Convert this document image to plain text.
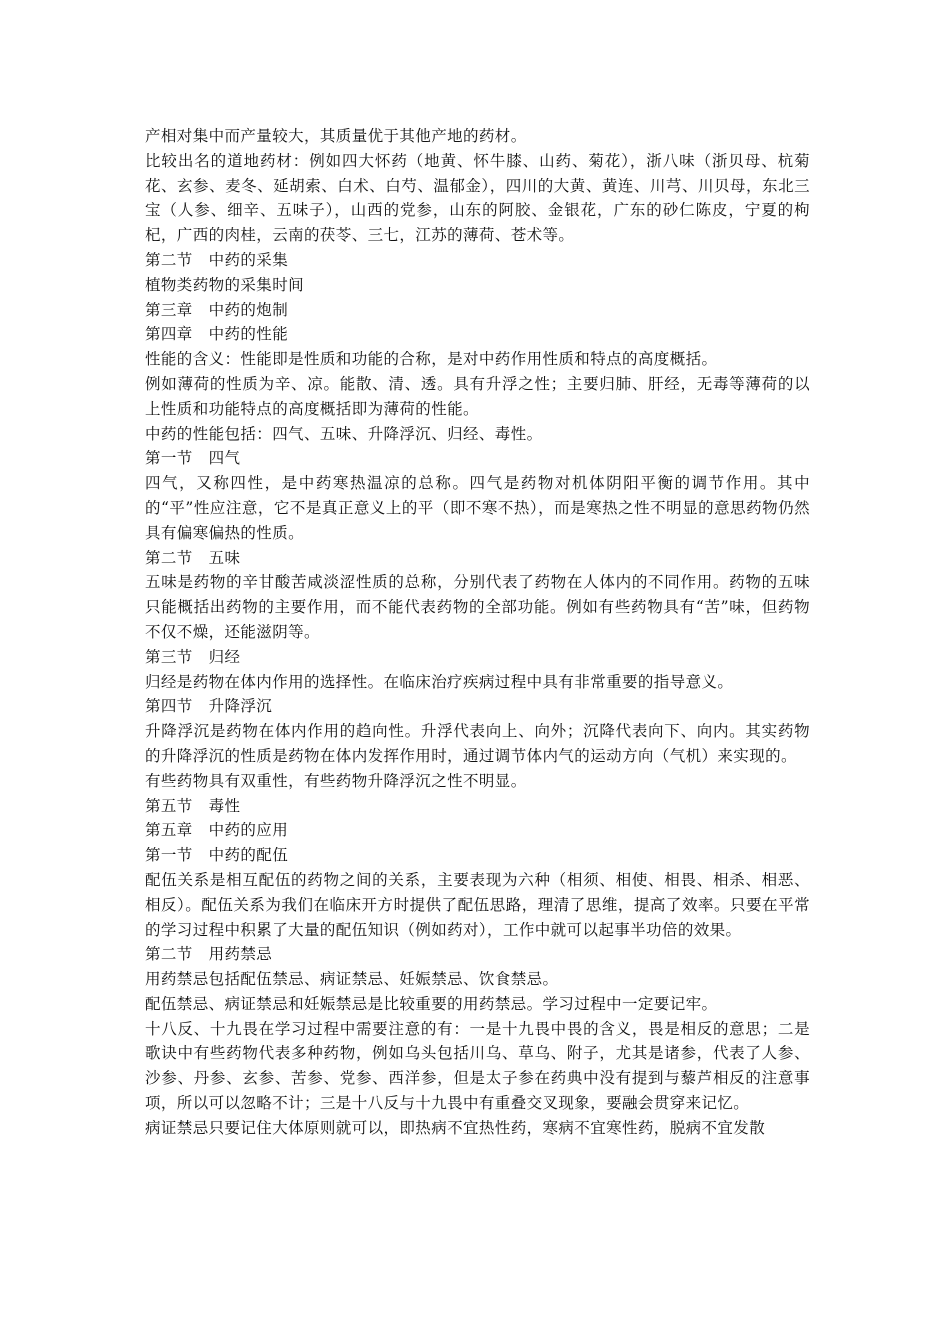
产相对集中而产量较大，其质量优于其他产地的药材。

比较出名的道地药材：例如四大怀药（地黄、怀牛膝、山药、菊花），浙八味（浙贝母、杭菊花、玄参、麦冬、延胡索、白术、白芍、温郁金），四川的大黄、黄连、川芎、川贝母，东北三宝（人参、细辛、五味子），山西的党参，山东的阿胶、金银花，广东的砂仁陈皮，宁夏的枸杞，广西的肉桂，云南的茯苓、三七，江苏的薄荷、苍术等。

第二节　中药的采集

植物类药物的采集时间

第三章　中药的炮制

第四章　中药的性能

性能的含义：性能即是性质和功能的合称，是对中药作用性质和特点的高度概括。

例如薄荷的性质为辛、凉。能散、清、透。具有升浮之性；主要归肺、肝经，无毒等薄荷的以上性质和功能特点的高度概括即为薄荷的性能。

中药的性能包括：四气、五味、升降浮沉、归经、毒性。

第一节　四气

四气，又称四性，是中药寒热温凉的总称。四气是药物对机体阴阳平衡的调节作用。其中的“平”性应注意，它不是真正意义上的平（即不寒不热），而是寒热之性不明显的意思药物仍然具有偏寒偏热的性质。

第二节　五味

五味是药物的辛甘酸苦咸淡涩性质的总称，分别代表了药物在人体内的不同作用。药物的五味只能概括出药物的主要作用，而不能代表药物的全部功能。例如有些药物具有“苦”味，但药物不仅不燥，还能滋阴等。

第三节　归经

归经是药物在体内作用的选择性。在临床治疗疾病过程中具有非常重要的指导意义。

第四节　升降浮沉

升降浮沉是药物在体内作用的趋向性。升浮代表向上、向外；沉降代表向下、向内。其实药物的升降浮沉的性质是药物在体内发挥作用时，通过调节体内气的运动方向（气机）来实现的。

有些药物具有双重性，有些药物升降浮沉之性不明显。

第五节　毒性

第五章　中药的应用

第一节　中药的配伍

配伍关系是相互配伍的药物之间的关系，主要表现为六种（相须、相使、相畏、相杀、相恶、相反）。配伍关系为我们在临床开方时提供了配伍思路，理清了思维，提高了效率。只要在平常的学习过程中积累了大量的配伍知识（例如药对），工作中就可以起事半功倍的效果。

第二节　用药禁忌

用药禁忌包括配伍禁忌、病证禁忌、妊娠禁忌、饮食禁忌。

配伍禁忌、病证禁忌和妊娠禁忌是比较重要的用药禁忌。学习过程中一定要记牢。

十八反、十九畏在学习过程中需要注意的有：一是十九畏中畏的含义，畏是相反的意思；二是歌诀中有些药物代表多种药物，例如乌头包括川乌、草乌、附子，尤其是诸参，代表了人参、沙参、丹参、玄参、苦参、党参、西洋参，但是太子参在药典中没有提到与藜芦相反的注意事项，所以可以忽略不计；三是十八反与十九畏中有重叠交叉现象，要融会贯穿来记忆。

病证禁忌只要记住大体原则就可以，即热病不宜热性药，寒病不宜寒性药，脱病不宜发散
